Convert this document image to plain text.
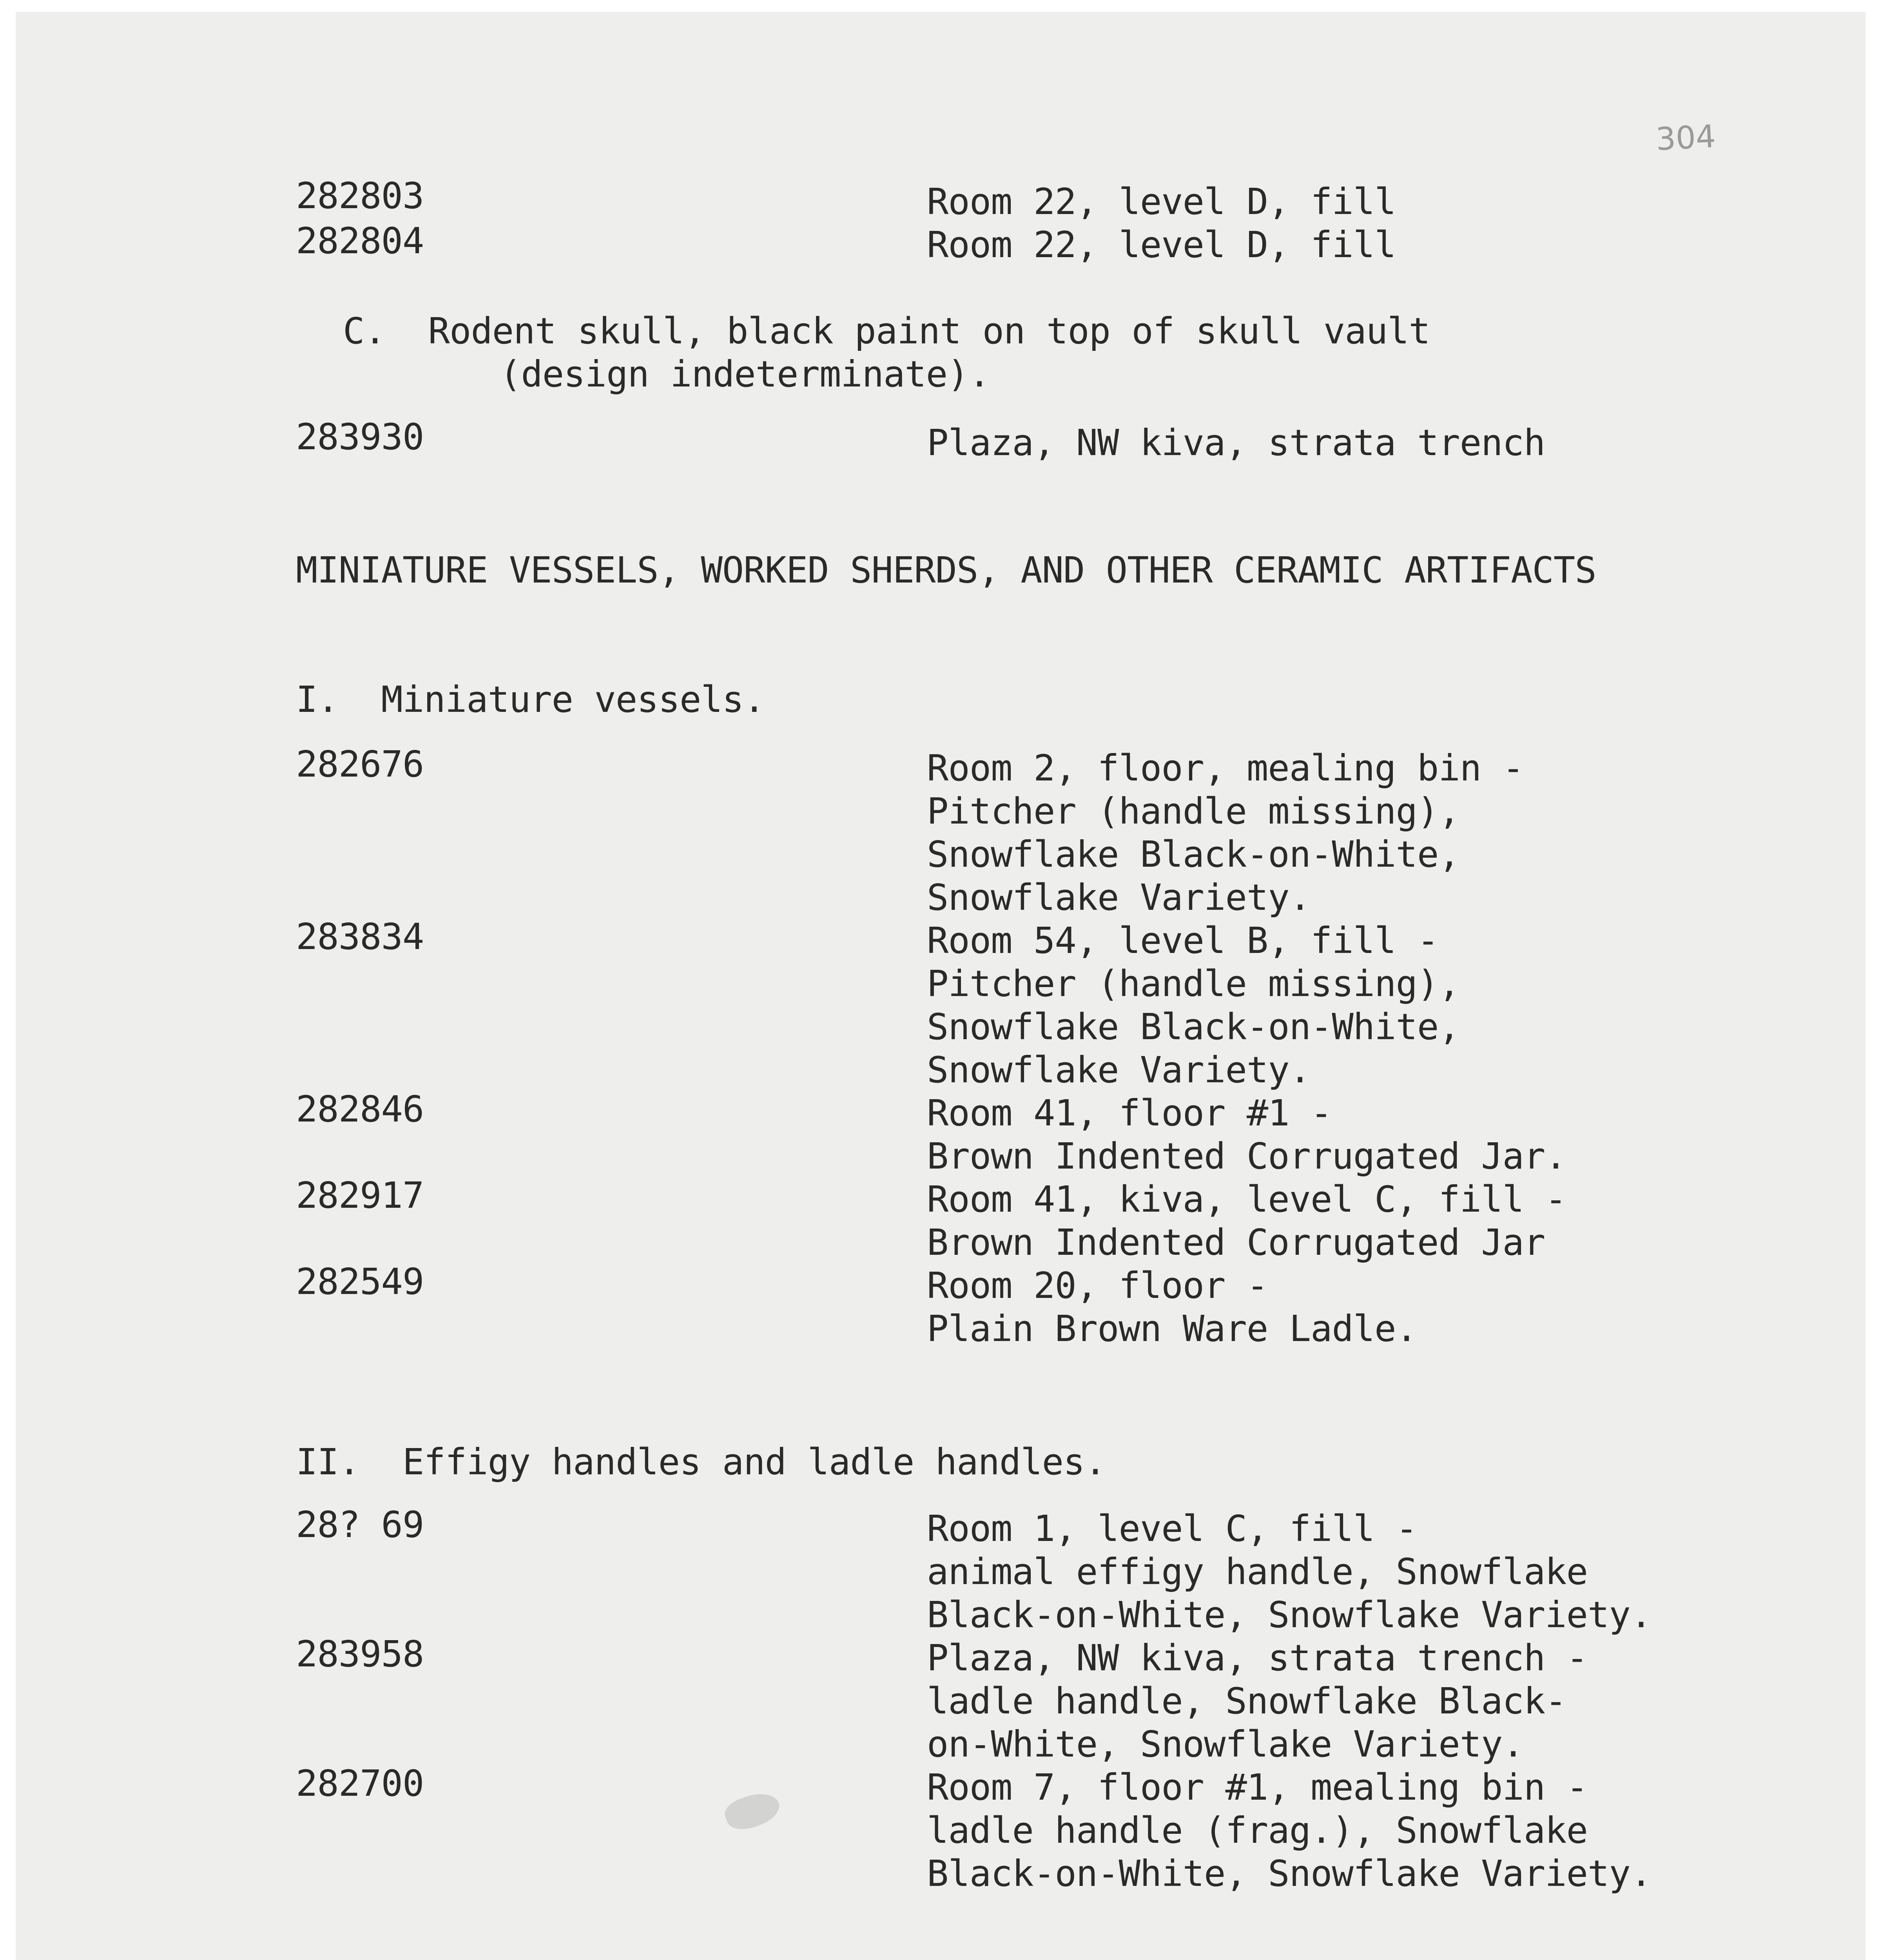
304
282803	Room 22, level D, fill
282804	Room 22, level D, fill
C.  Rodent skull, black paint on top of skull vault
(design indeterminate).
283930	Plaza, NW kiva, strata trench
MINIATURE VESSELS, WORKED SHERDS, AND OTHER CERAMIC ARTIFACTS
I.  Miniature vessels.
282676	Room 2, floor, mealing bin -
Pitcher (handle missing),
Snowflake Black-on-White,
Snowflake Variety.
283834	Room 54, level B, fill -
Pitcher (handle missing),
Snowflake Black-on-White,
Snowflake Variety.
282846	Room 41, floor #1 -
Brown Indented Corrugated Jar.
282917	Room 41, kiva, level C, fill -
Brown Indented Corrugated Jar
282549	Room 20, floor -
Plain Brown Ware Ladle.
II.  Effigy handles and ladle handles.
28? 69	Room 1, level C, fill -
animal effigy handle, Snowflake
Black-on-White, Snowflake Variety.
283958	Plaza, NW kiva, strata trench -
ladle handle, Snowflake Black-
on-White, Snowflake Variety.
282700	Room 7, floor #1, mealing bin -
ladle handle (frag.), Snowflake
Black-on-White, Snowflake Variety.
